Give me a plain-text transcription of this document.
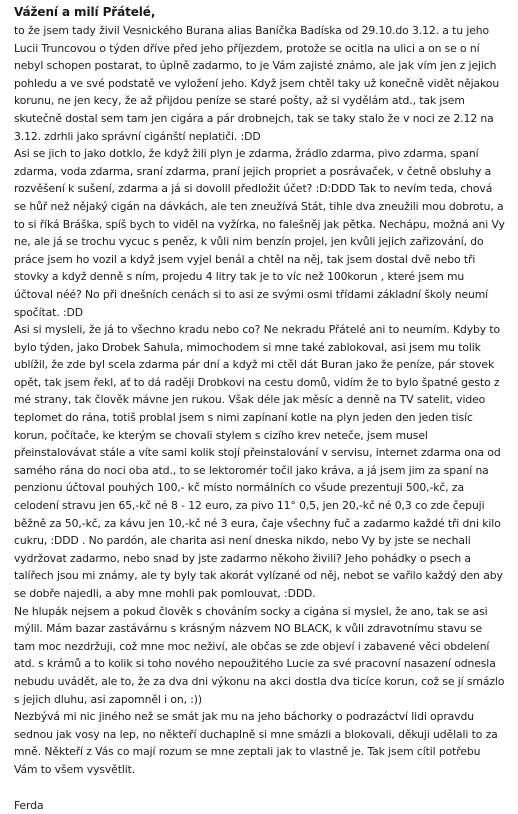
Vážení a milí Přátelé,

to že jsem tady živil Vesnického Burana alias Baníčka Badíska od 29.10.do 3.12. a tu jeho Lucii Truncovou o týden dříve před jeho příjezdem, protože se ocitla na ulici a on se o ní nebyl schopen postarat, to úplně zadarmo, to je Vám zajisté známo, ale jak vím jen z jejich pohledu a ve své podstatě ve vyložení jeho. Když jsem chtěl taky už konečně vidět nějakou korunu, ne jen kecy, že až přijdou peníze se staré pošty, až si vydělám atd., tak jsem skutečně dostal sem tam jen cigára a pár drobnejch, tak se taky stalo že v noci ze 2.12 na 3.12. zdrhli jako správní cigánští neplatiči. :DD

Asi se jich to jako dotklo, že když žili plyn je zdarma, žrádlo zdarma, pivo zdarma, spaní zdarma, voda zdarma, sraní zdarma, praní jejich propriet a posrávaček, v četně obsluhy a rozvěšení k sušení, zdarma a já si dovolil předložit účet? :D:DDD Tak to nevím teda, chová se hůř než nějaký cigán na dávkách, ale ten zneužívá Stát, tihle dva zneužili mou dobrotu, a to si říká Bráška, spíš bych to viděl na vyžírka, no falešněj jak pětka. Nechápu, možná ani Vy ne, ale já se trochu vycuc s peněz, k vůli nim benzín projel, jen kvůli jejich zařizování, do práce jsem ho vozil a když jsem vyjel benál a chtěl na něj, tak jsem dostal dvě nebo tři stovky a když denně s ním, projedu 4 litry tak je to víc než 100korun , které jsem mu účtoval néé? No při dnešních cenách si to asi ze svými osmi třídami základní školy neumí spočítat. :DD

Asi si mysleli, že já to všechno kradu nebo co? Ne nekradu Přátelé ani to neumím. Kdyby to bylo týden, jako Drobek Sahula, mimochodem si mne také zablokoval, asi jsem mu tolik ublížil, že zde byl scela zdarma pár dní a když mi ctěl dát Buran jako že peníze, pár stovek opět, tak jsem řekl, ať to dá raději Drobkovi na cestu domů, vidím že to bylo špatné gesto z mé strany, tak člověk mávne jen rukou. Však déle jak měsíc a denně na TV satelit, video teplomet do rána, totiš problal jsem s nimi zapínaní kotle na plyn jeden den jeden tisíc korun, počítače, ke kterým se chovali stylem s cizího krev neteče, jsem musel přeinstalovávat stále a víte sami kolik stojí přeinstalování v servisu, internet zdarma ona od samého rána do noci oba atd., to se lektoromér točil jako kráva, a já jsem jim za spaní na penzionu účtoval pouhých 100,- kč místo normálních co všude prezentuji 500,-kč, za celodení stravu jen 65,-kč né 8 - 12 euro, za pivo 11° 0,5, jen 20,-kč né 0,3 co zde čepuji běžně za 50,-kč, za kávu jen 10,-kč né 3 eura, čaje všechny fuč a zadarmo každé tři dni kilo cukru, :DDD . No pardón, ale charita asi není dneska nikdo, nebo Vy by jste se nechali vydržovat zadarmo, nebo snad by jste zadarmo někoho živili? Jeho pohádky o psech a talířech jsou mi známy, ale ty byly tak akorát vylízané od něj, nebot se vařilo každý den aby se dobře najedli, a aby mne mohli pak pomlouvat, :DDD.

Ne hlupák nejsem a pokud člověk s chováním socky a cigána si myslel, že ano, tak se asi mýlil. Mám bazar zastávárnu s krásným názvem NO BLACK, k vůli zdravotnímu stavu se tam moc nezdržuji, což mne moc neživí, ale občas se zde objeví i zabavené věci obdelení atd. s krámů a to kolik si toho nového nepoužitého Lucie za své pracovní nasazení odnesla nebudu uvádět, ale to, že za dva dni výkonu na akci dostla dva ticíce korun, což se jí smázlo s jejich dluhu, asi zapomněl i on, :))

Nezbývá mi nic jiného než se smát jak mu na jeho báchorky o podrazáctví lidi opravdu sednou jak vosy na lep, no někteří duchaplně si mne smázli a blokovali, děkuji udělali to za mně. Někteří z Vás co mají rozum se mne zeptali jak to vlastně je. Tak jsem cítil potřebu Vám to všem vysvětlit.

Ferda
